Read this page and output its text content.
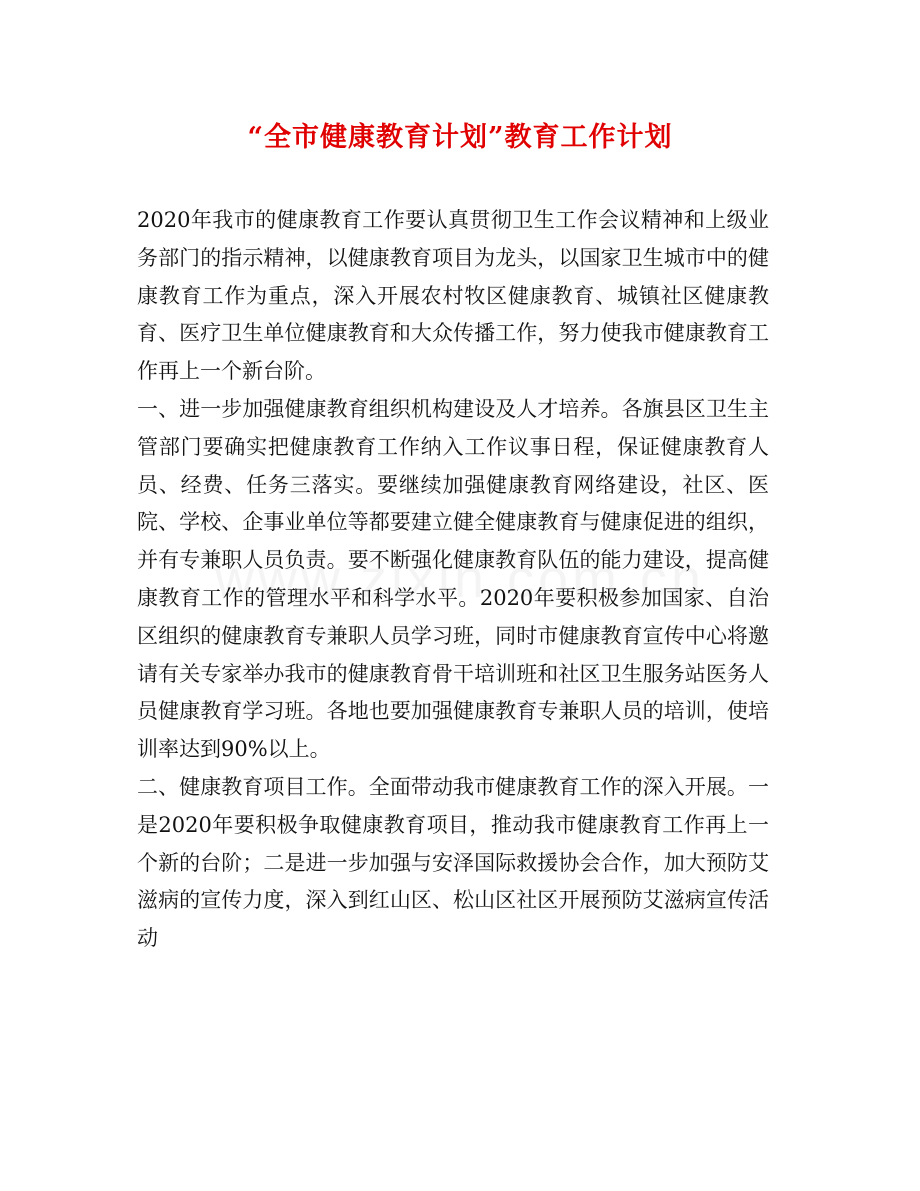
“全市健康教育计划”教育工作计划

2020年我市的健康教育工作要认真贯彻卫生工作会议精神和上级业务部门的指示精神，以健康教育项目为龙头，以国家卫生城市中的健康教育工作为重点，深入开展农村牧区健康教育、城镇社区健康教育、医疗卫生单位健康教育和大众传播工作，努力使我市健康教育工作再上一个新台阶。

一、进一步加强健康教育组织机构建设及人才培养。各旗县区卫生主管部门要确实把健康教育工作纳入工作议事日程，保证健康教育人员、经费、任务三落实。要继续加强健康教育网络建设，社区、医院、学校、企事业单位等都要建立健全健康教育与健康促进的组织，并有专兼职人员负责。要不断强化健康教育队伍的能力建设，提高健康教育工作的管理水平和科学水平。2020年要积极参加国家、自治区组织的健康教育专兼职人员学习班，同时市健康教育宣传中心将邀请有关专家举办我市的健康教育骨干培训班和社区卫生服务站医务人员健康教育学习班。各地也要加强健康教育专兼职人员的培训，使培训率达到90%以上。

二、健康教育项目工作。全面带动我市健康教育工作的深入开展。一是2020年要积极争取健康教育项目，推动我市健康教育工作再上一个新的台阶；二是进一步加强与安泽国际救援协会合作，加大预防艾滋病的宣传力度，深入到红山区、松山区社区开展预防艾滋病宣传活动
